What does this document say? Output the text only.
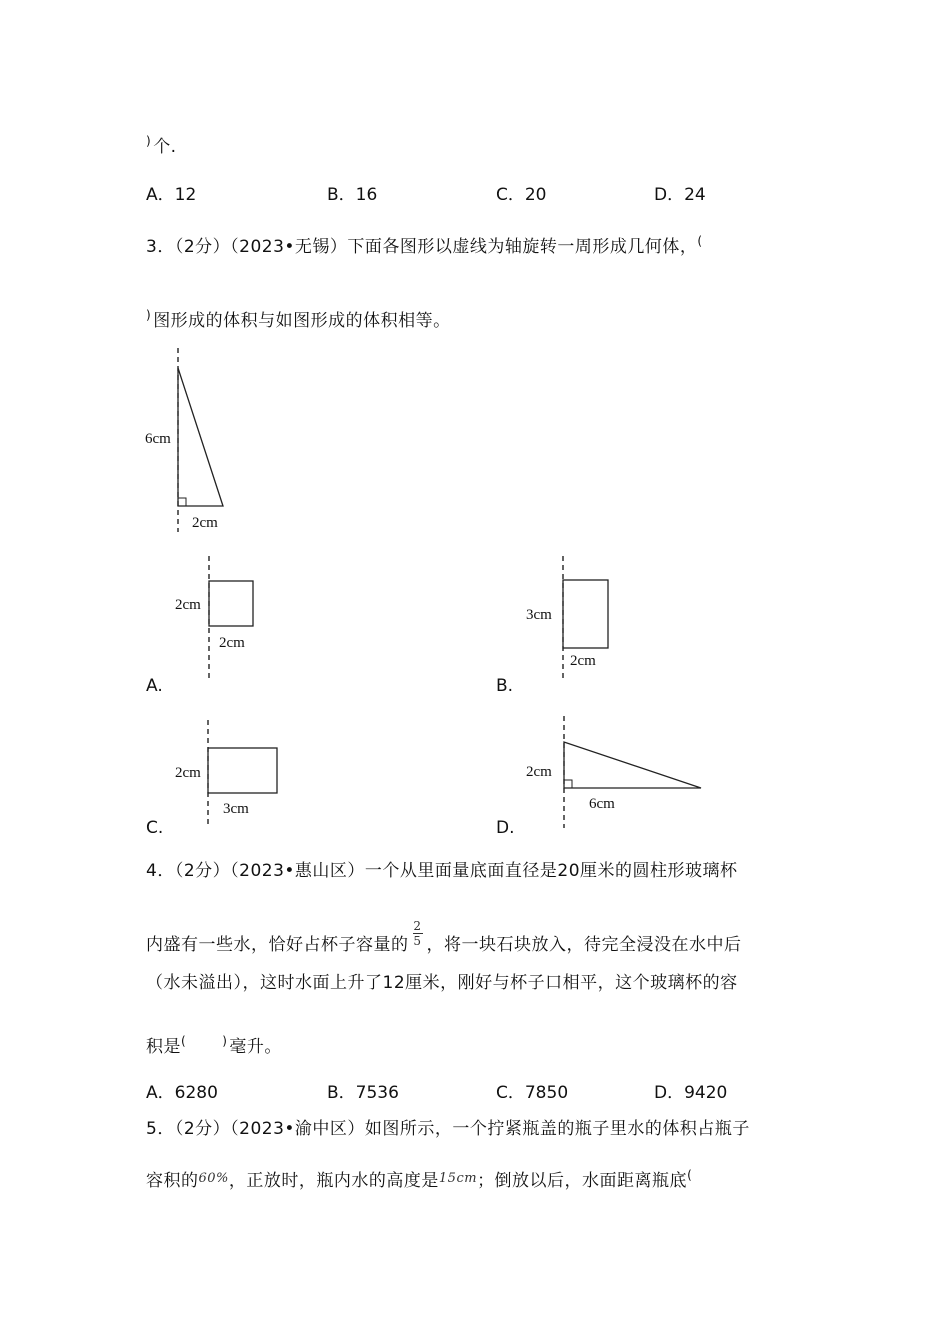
) 个.
A．12	B．16	C．20	D．24
3．（2分）（2023•无锡）下面各图形以虚线为轴旋转一周形成几何体，(
) 图形成的体积与如图形成的体积相等。
6cm
2cm
2cm
2cm
3cm
2cm
2cm
3cm
2cm
6cm
A.	B.
C.	D.
4．（2分）（2023•惠山区）一个从里面量底面直径是20厘米的圆柱形玻璃杯
内盛有一些水，恰好占杯子容量的 $\frac{2}{5}$ ，将一块石块放入，待完全浸没在水中后
（水未溢出），这时水面上升了12厘米，刚好与杯子口相平，这个玻璃杯的容
积是(	) 毫升。
A．6280	B．7536	C．7850	D．9420
5．（2分）（2023•渝中区）如图所示，一个拧紧瓶盖的瓶子里水的体积占瓶子
容积的$^{60\%}$，正放时，瓶内水的高度是$^{15cm}$；倒放以后，水面距离瓶底(
